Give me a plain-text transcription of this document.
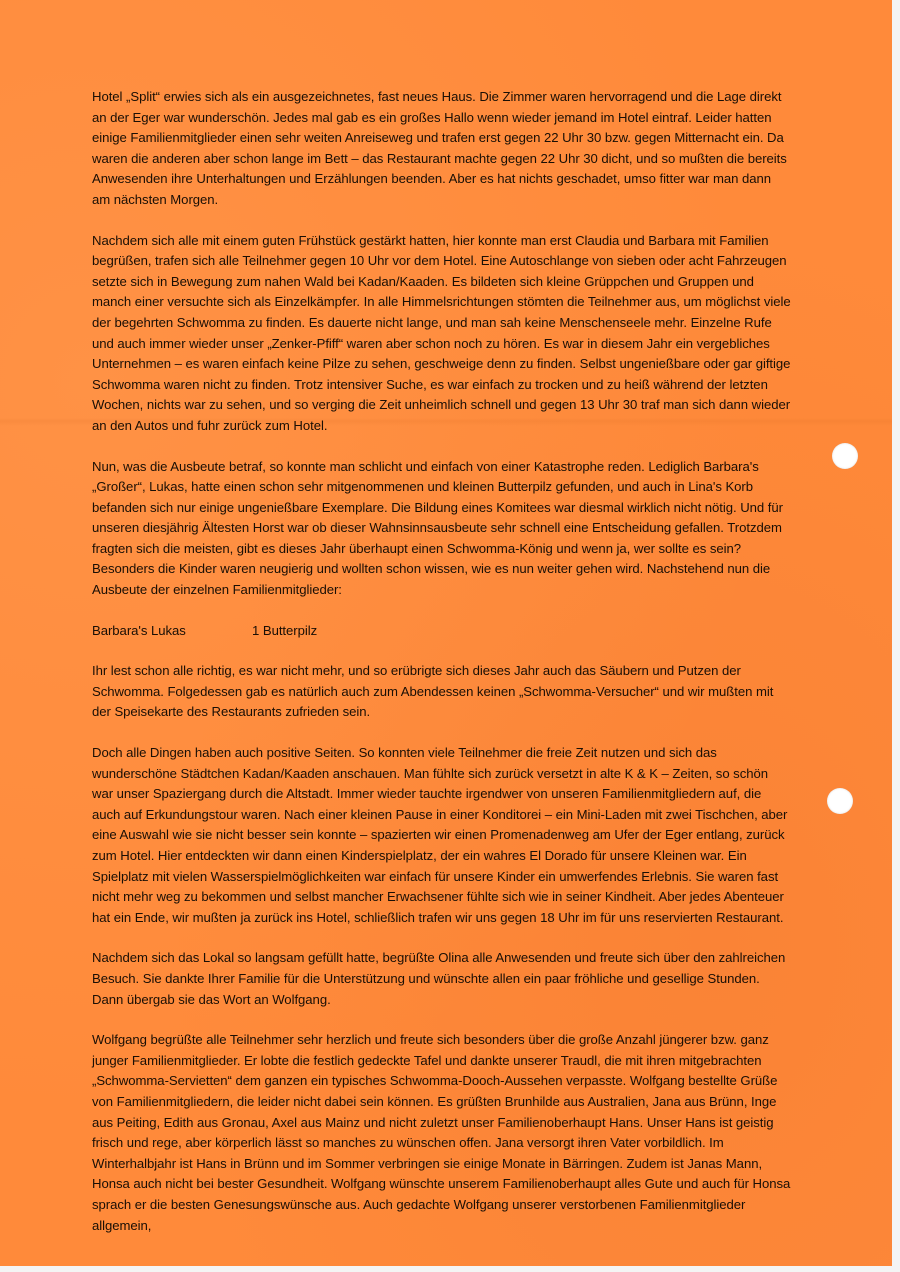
Hotel „Split“ erwies sich als ein ausgezeichnetes, fast neues Haus. Die Zimmer waren hervorragend und die Lage direkt an der Eger war wunderschön. Jedes mal gab es ein großes Hallo wenn wieder jemand im Hotel eintraf. Leider hatten einige Familienmitglieder einen sehr weiten Anreiseweg und trafen erst gegen 22 Uhr 30 bzw. gegen Mitternacht ein. Da waren die anderen aber schon lange im Bett – das Restaurant machte gegen 22 Uhr 30 dicht, und so mußten die bereits Anwesenden ihre Unterhaltungen und Erzählungen beenden. Aber es hat nichts geschadet, umso fitter war man dann am nächsten Morgen.

Nachdem sich alle mit einem guten Frühstück gestärkt hatten, hier konnte man erst Claudia und Barbara mit Familien begrüßen, trafen sich alle Teilnehmer gegen 10 Uhr vor dem Hotel. Eine Autoschlange von sieben oder acht Fahrzeugen setzte sich in Bewegung zum nahen Wald bei Kadan/Kaaden. Es bildeten sich kleine Grüppchen und Gruppen und manch einer versuchte sich als Einzelkämpfer. In alle Himmelsrichtungen stömten die Teilnehmer aus, um möglichst viele der begehrten Schwomma zu finden. Es dauerte nicht lange, und man sah keine Menschenseele mehr. Einzelne Rufe und auch immer wieder unser „Zenker-Pfiff“ waren aber schon noch zu hören. Es war in diesem Jahr ein vergebliches Unternehmen – es waren einfach keine Pilze zu sehen, geschweige denn zu finden. Selbst ungenießbare oder gar giftige Schwomma waren nicht zu finden. Trotz intensiver Suche, es war einfach zu trocken und zu heiß während der letzten Wochen, nichts war zu sehen, und so verging die Zeit unheimlich schnell und gegen 13 Uhr 30 traf man sich dann wieder an den Autos und fuhr zurück zum Hotel.

Nun, was die Ausbeute betraf, so konnte man schlicht und einfach von einer Katastrophe reden. Lediglich Barbara's „Großer“, Lukas, hatte einen schon sehr mitgenommenen und kleinen Butterpilz gefunden, und auch in Lina's Korb befanden sich nur einige ungenießbare Exemplare. Die Bildung eines Komitees war diesmal wirklich nicht nötig. Und für unseren diesjährig Ältesten Horst war ob dieser Wahnsinnsausbeute sehr schnell eine Entscheidung gefallen. Trotzdem fragten sich die meisten, gibt es dieses Jahr überhaupt einen Schwomma-König und wenn ja, wer sollte es sein? Besonders die Kinder waren neugierig und wollten schon wissen, wie es nun weiter gehen wird. Nachstehend nun die Ausbeute der einzelnen Familienmitglieder:

Barbara's Lukas	1 Butterpilz

Ihr lest schon alle richtig, es war nicht mehr, und so erübrigte sich dieses Jahr auch das Säubern und Putzen der Schwomma. Folgedessen gab es natürlich auch zum Abendessen keinen „Schwomma-Versucher“ und wir mußten mit der Speisekarte des Restaurants zufrieden sein.

Doch alle Dingen haben auch positive Seiten. So konnten viele Teilnehmer die freie Zeit nutzen und sich das wunderschöne Städtchen Kadan/Kaaden anschauen. Man fühlte sich zurück versetzt in alte K & K – Zeiten, so schön war unser Spaziergang durch die Altstadt. Immer wieder tauchte irgendwer von unseren Familienmitgliedern auf, die auch auf Erkundungstour waren. Nach einer kleinen Pause in einer Konditorei – ein Mini-Laden mit zwei Tischchen, aber eine Auswahl wie sie nicht besser sein konnte – spazierten wir einen Promenadenweg am Ufer der Eger entlang, zurück zum Hotel. Hier entdeckten wir dann einen Kinderspielplatz, der ein wahres El Dorado für unsere Kleinen war. Ein Spielplatz mit vielen Wasserspielmöglichkeiten war einfach für unsere Kinder ein umwerfendes Erlebnis. Sie waren fast nicht mehr weg zu bekommen und selbst mancher Erwachsener fühlte sich wie in seiner Kindheit. Aber jedes Abenteuer hat ein Ende, wir mußten ja zurück ins Hotel, schließlich trafen wir uns gegen 18 Uhr im für uns reservierten Restaurant.

Nachdem sich das Lokal so langsam gefüllt hatte, begrüßte Olina alle Anwesenden und freute sich über den zahlreichen Besuch. Sie dankte Ihrer Familie für die Unterstützung und wünschte allen ein paar fröhliche und gesellige Stunden. Dann übergab sie das Wort an Wolfgang.

Wolfgang begrüßte alle Teilnehmer sehr herzlich und freute sich besonders über die große Anzahl jüngerer bzw. ganz junger Familienmitglieder. Er lobte die festlich gedeckte Tafel und dankte unserer Traudl, die mit ihren mitgebrachten „Schwomma-Servietten“ dem ganzen ein typisches Schwomma-Dooch-Aussehen verpasste. Wolfgang bestellte Grüße von Familienmitgliedern, die leider nicht dabei sein können. Es grüßten Brunhilde aus Australien, Jana aus Brünn, Inge aus Peiting, Edith aus Gronau, Axel aus Mainz und nicht zuletzt unser Familienoberhaupt Hans. Unser Hans ist geistig frisch und rege, aber körperlich lässt so manches zu wünschen offen. Jana versorgt ihren Vater vorbildlich. Im Winterhalbjahr ist Hans in Brünn und im Sommer verbringen sie einige Monate in Bärringen. Zudem ist Janas Mann, Honsa auch nicht bei bester Gesundheit. Wolfgang wünschte unserem Familienoberhaupt alles Gute und auch für Honsa sprach er die besten Genesungswünsche aus. Auch gedachte Wolfgang unserer verstorbenen Familienmitglieder allgemein,
